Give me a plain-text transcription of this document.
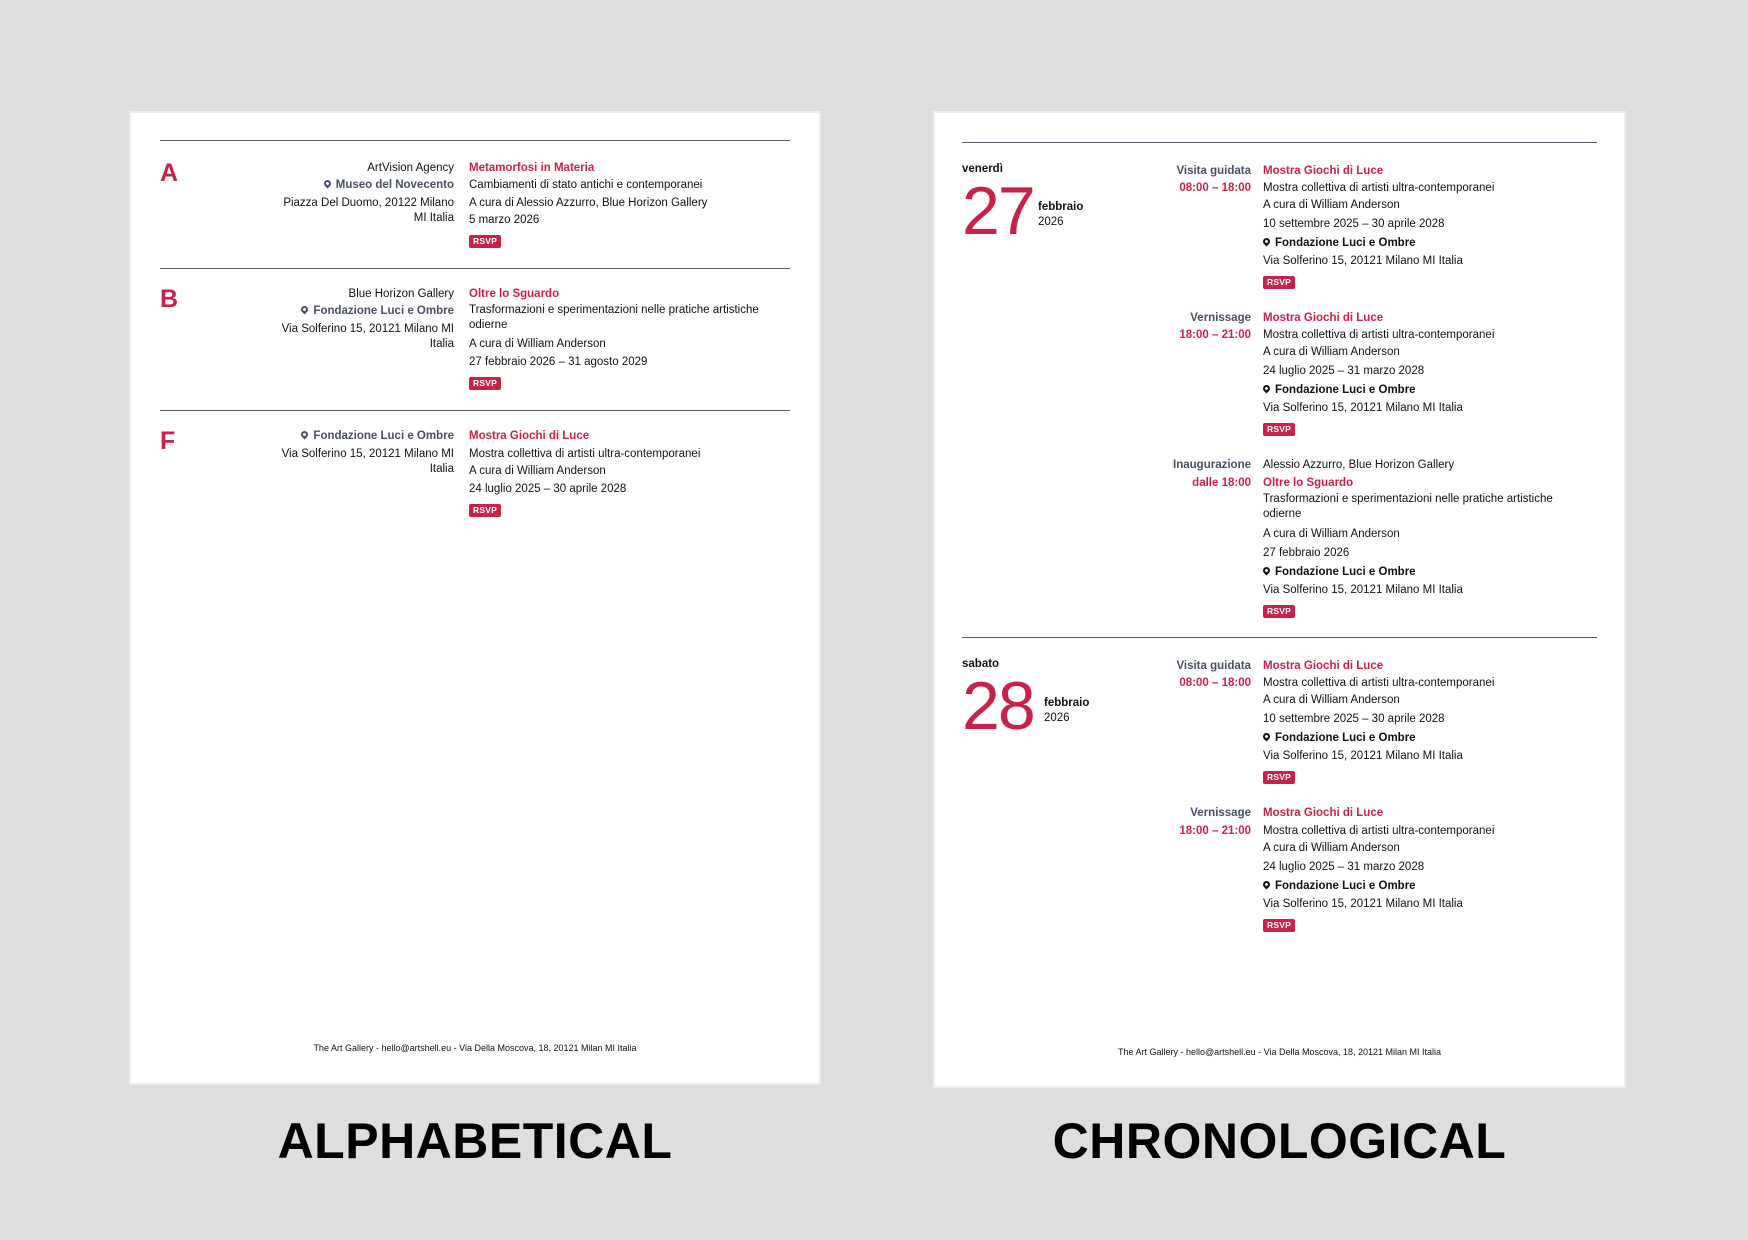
A	ArtVision Agency
Museo del Novecento
Piazza Del Duomo, 20122 Milano
MI Italia
Metamorfosi in Materia
Cambiamenti di stato antichi e contemporanei
A cura di Alessio Azzurro, Blue Horizon Gallery
5 marzo 2026
RSVP
B	Blue Horizon Gallery
Fondazione Luci e Ombre
Via Solferino 15, 20121 Milano MI
Italia
Oltre lo Sguardo
Trasformazioni e sperimentazioni nelle pratiche artistiche odierne
A cura di William Anderson
27 febbraio 2026 – 31 agosto 2029
RSVP
F	Fondazione Luci e Ombre
Via Solferino 15, 20121 Milano MI
Italia
Mostra Giochi di Luce
Mostra collettiva di artisti ultra-contemporanei
A cura di William Anderson
24 luglio 2025 – 30 aprile 2028
RSVP
The Art Gallery - hello@artshell.eu - Via Della Moscova, 18, 20121 Milan MI Italia
venerdì
27 febbraio
2026
Visita guidata
08:00 – 18:00
Mostra Giochi di Luce
Mostra collettiva di artisti ultra-contemporanei
A cura di William Anderson
10 settembre 2025 – 30 aprile 2028
Fondazione Luci e Ombre
Via Solferino 15, 20121 Milano MI Italia
RSVP
Vernissage
18:00 – 21:00
Mostra Giochi di Luce
Mostra collettiva di artisti ultra-contemporanei
A cura di William Anderson
24 luglio 2025 – 31 marzo 2028
Fondazione Luci e Ombre
Via Solferino 15, 20121 Milano MI Italia
RSVP
Inaugurazione
dalle 18:00
Alessio Azzurro, Blue Horizon Gallery
Oltre lo Sguardo
Trasformazioni e sperimentazioni nelle pratiche artistiche odierne
A cura di William Anderson
27 febbraio 2026
Fondazione Luci e Ombre
Via Solferino 15, 20121 Milano MI Italia
RSVP
sabato
28 febbraio
2026
Visita guidata
08:00 – 18:00
Mostra Giochi di Luce
Mostra collettiva di artisti ultra-contemporanei
A cura di William Anderson
10 settembre 2025 – 30 aprile 2028
Fondazione Luci e Ombre
Via Solferino 15, 20121 Milano MI Italia
RSVP
Vernissage
18:00 – 21:00
Mostra Giochi di Luce
Mostra collettiva di artisti ultra-contemporanei
A cura di William Anderson
24 luglio 2025 – 31 marzo 2028
Fondazione Luci e Ombre
Via Solferino 15, 20121 Milano MI Italia
RSVP
The Art Gallery - hello@artshell.eu - Via Della Moscova, 18, 20121 Milan MI Italia
ALPHABETICAL	CHRONOLOGICAL
